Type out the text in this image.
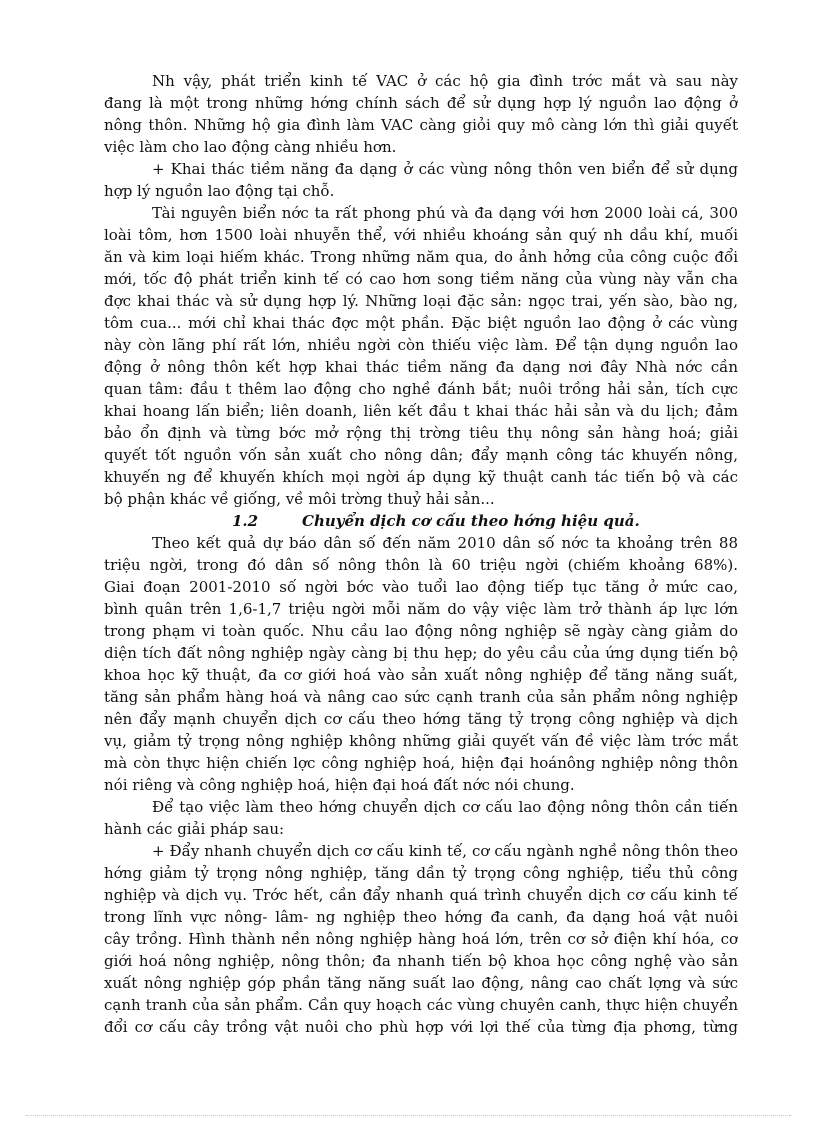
Nh vậy, phát triển kinh tế VAC ở các hộ gia đình trớc mắt và sau này
đang là một trong những hớng chính sách để sử dụng hợp lý nguồn lao động ở
nông thôn. Những hộ gia đình làm VAC càng giỏi quy mô càng lớn thì giải quyết
việc làm cho lao động càng nhiều hơn.
+ Khai thác tiềm năng đa dạng ở các vùng nông thôn ven biển để sử dụng
hợp lý nguồn lao động tại chỗ.
Tài nguyên biển nớc ta rất phong phú và đa dạng với hơn 2000 loài cá, 300
loài tôm, hơn 1500 loài nhuyễn thể, với nhiều khoáng sản quý nh dầu khí, muối
ăn và kim loại hiếm khác. Trong những năm qua, do ảnh hởng của công cuộc đổi
mới, tốc độ phát triển kinh tế có cao hơn song tiềm năng của vùng này vẫn cha
đợc khai thác và sử dụng hợp lý. Những loại đặc sản: ngọc trai, yến sào, bào ng,
tôm cua... mới chỉ khai thác đợc một phần. Đặc biệt nguồn lao động ở các vùng
này còn lãng phí rất lớn, nhiều ngời còn thiếu việc làm. Để tận dụng nguồn lao
động ở nông thôn kết hợp khai thác tiềm năng đa dạng nơi đây Nhà nớc cần
quan tâm: đầu t thêm lao động cho nghề đánh bắt; nuôi trồng hải sản, tích cực
khai hoang lấn biển; liên doanh, liên kết đầu t khai thác hải sản và du lịch; đảm
bảo ổn định và từng bớc mở rộng thị trờng tiêu thụ nông sản hàng hoá; giải
quyết tốt nguồn vốn sản xuất cho nông dân; đẩy mạnh công tác khuyến nông,
khuyến ng để khuyến khích mọi ngời áp dụng kỹ thuật canh tác tiến bộ và các
bộ phận khác về giống, về môi trờng thuỷ hải sản...
1.2	Chuyển dịch cơ cấu theo hớng hiệu quả.
Theo kết quả dự báo dân số đến năm 2010 dân số nớc ta khoảng trên 88
triệu ngời, trong đó dân số nông thôn là 60 triệu ngời (chiếm khoảng 68%).
Giai đoạn 2001-2010 số ngời bớc vào tuổi lao động tiếp tục tăng ở mức cao,
bình quân trên 1,6-1,7 triệu ngời mỗi năm do vậy việc làm trở thành áp lực lớn
trong phạm vi toàn quốc. Nhu cầu lao động nông nghiệp sẽ ngày càng giảm do
diện tích đất nông nghiệp ngày càng bị thu hẹp; do yêu cầu của ứng dụng tiến bộ
khoa học kỹ thuật, đa cơ giới hoá vào sản xuất nông nghiệp để tăng năng suất,
tăng sản phẩm hàng hoá và nâng cao sức cạnh tranh của sản phẩm nông nghiệp
nên đẩy mạnh chuyển dịch cơ cấu theo hớng tăng tỷ trọng công nghiệp và dịch
vụ, giảm tỷ trọng nông nghiệp không những giải quyết vấn đề việc làm trớc mắt
mà còn thực hiện chiến lợc công nghiệp hoá, hiện đại hoánông nghiệp nông thôn
nói riêng và công nghiệp hoá, hiện đại hoá đất nớc nói chung.
Để tạo việc làm theo hớng chuyển dịch cơ cấu lao động nông thôn cần tiến
hành các giải pháp sau:
+ Đẩy nhanh chuyển dịch cơ cấu kinh tế, cơ cấu ngành nghề nông thôn theo
hớng giảm tỷ trọng nông nghiệp, tăng dần tỷ trọng công nghiệp, tiểu thủ công
nghiệp và dịch vụ. Trớc hết, cần đẩy nhanh quá trình chuyển dịch cơ cấu kinh tế
trong lĩnh vực nông- lâm- ng nghiệp theo hớng đa canh, đa dạng hoá vật nuôi
cây trồng. Hình thành nền nông nghiệp hàng hoá lớn, trên cơ sở điện khí hóa, cơ
giới hoá nông nghiệp, nông thôn; đa nhanh tiến bộ khoa học công nghệ vào sản
xuất nông nghiệp góp phần tăng năng suất lao động, nâng cao chất lợng và sức
cạnh tranh của sản phẩm. Cần quy hoạch các vùng chuyên canh, thực hiện chuyển
đổi cơ cấu cây trồng vật nuôi cho phù hợp với lợi thế của từng địa phơng, từng
.
